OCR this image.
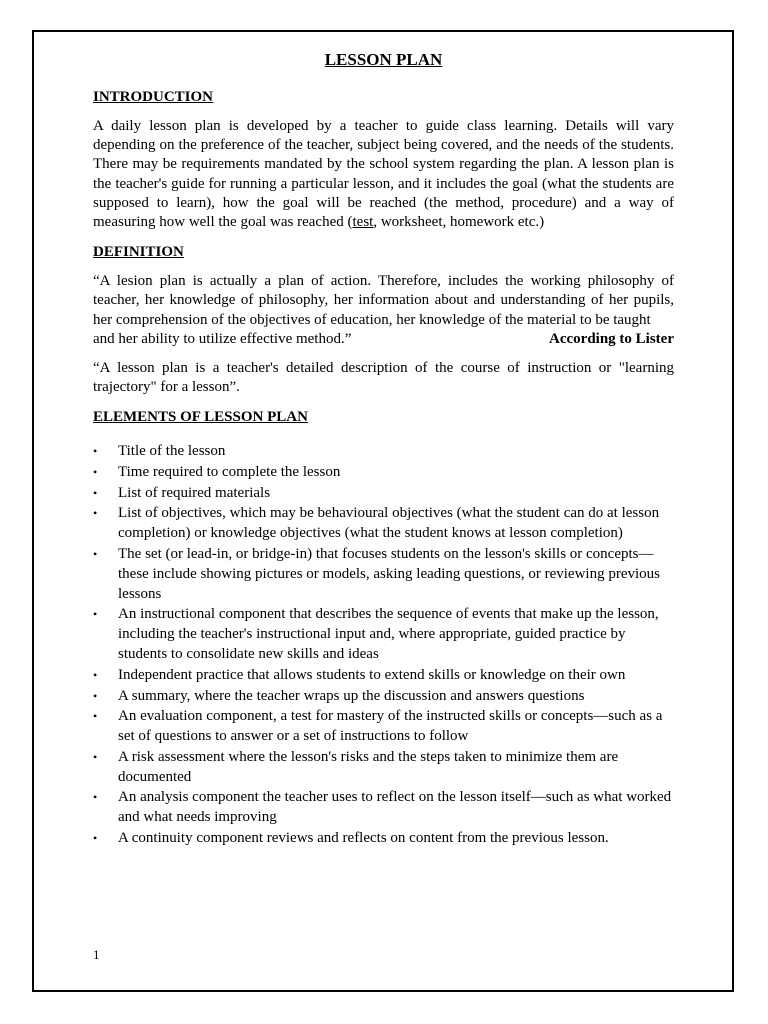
LESSON PLAN
INTRODUCTION

A daily lesson plan is developed by a teacher to guide class learning. Details will vary depending on the preference of the teacher, subject being covered, and the needs of the students. There may be requirements mandated by the school system regarding the plan. A lesson plan is the teacher's guide for running a particular lesson, and it includes the goal (what the students are supposed to learn), how the goal will be reached (the method, procedure) and a way of measuring how well the goal was reached (test, worksheet, homework etc.)

DEFINITION

“A lesion plan is actually a plan of action. Therefore, includes the working philosophy of teacher, her knowledge of philosophy, her information about and understanding of her pupils, her comprehension of the objectives of education, her knowledge of the material to be taught
and her ability to utilize effective method.”	According to Lister

“A lesson plan is a teacher's detailed description of the course of instruction or "learning trajectory" for a lesson”.

ELEMENTS OF LESSON PLAN
• Title of the lesson
• Time required to complete the lesson
• List of required materials
• List of objectives, which may be behavioural objectives (what the student can do at lesson completion) or knowledge objectives (what the student knows at lesson completion)
• The set (or lead-in, or bridge-in) that focuses students on the lesson's skills or concepts—these include showing pictures or models, asking leading questions, or reviewing previous lessons
• An instructional component that describes the sequence of events that make up the lesson, including the teacher's instructional input and, where appropriate, guided practice by students to consolidate new skills and ideas
• Independent practice that allows students to extend skills or knowledge on their own
• A summary, where the teacher wraps up the discussion and answers questions
• An evaluation component, a test for mastery of the instructed skills or concepts—such as a set of questions to answer or a set of instructions to follow
• A risk assessment where the lesson's risks and the steps taken to minimize them are documented
• An analysis component the teacher uses to reflect on the lesson itself—such as what worked and what needs improving
• A continuity component reviews and reflects on content from the previous lesson.
1
